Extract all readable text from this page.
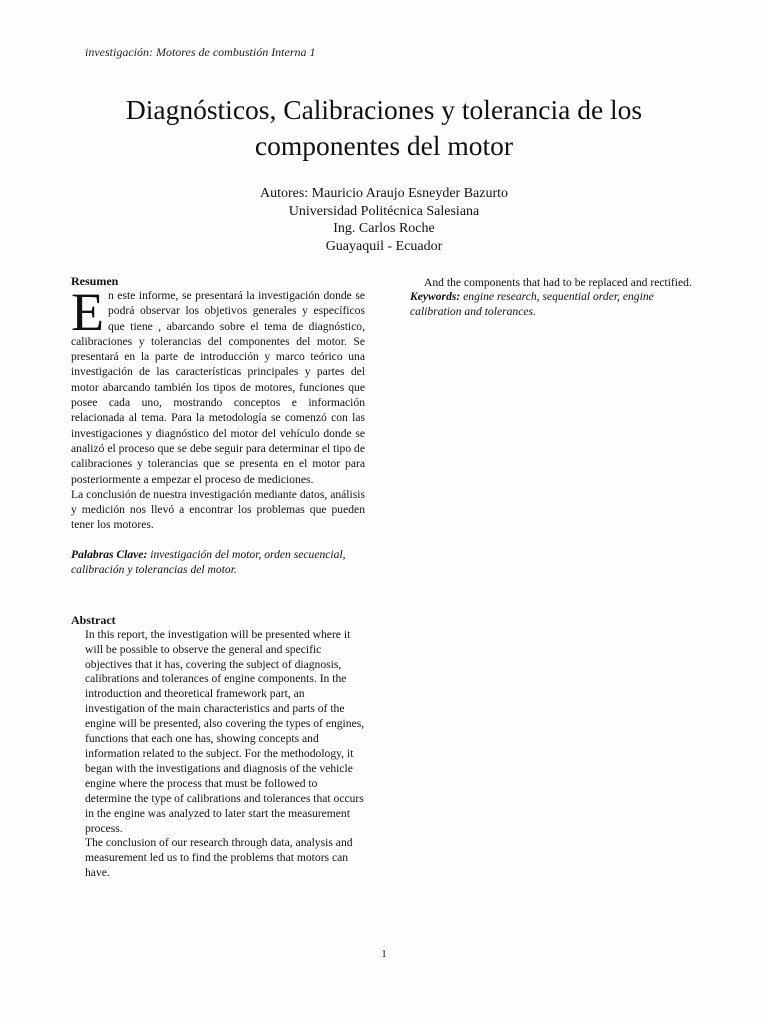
investigación: Motores de combustión Interna 1
Diagnósticos, Calibraciones y tolerancia de los
componentes del motor
Autores: Mauricio Araujo Esneyder Bazurto
Universidad Politécnica Salesiana
Ing. Carlos Roche
Guayaquil - Ecuador
Resumen

En este informe, se presentará la investigación donde se podrá observar los objetivos generales y específicos que tiene , abarcando sobre el tema de diagnóstico, calibraciones y tolerancias del componentes del motor. Se presentará en la parte de introducción y marco teórico una investigación de las características principales y partes del motor abarcando también los tipos de motores, funciones que posee cada uno, mostrando conceptos e información relacionada al tema. Para la metodología se comenzó con las investigaciones y diagnóstico del motor del vehículo donde se analizó el proceso que se debe seguir para determinar el tipo de calibraciones y tolerancias que se presenta en el motor para posteriormente a empezar el proceso de mediciones.

La conclusión de nuestra investigación mediante datos, análisis y medición nos llevó a encontrar los problemas que pueden tener los motores.

Palabras Clave: investigación del motor, orden secuencial, calibración y tolerancias del motor.
Abstract

In this report, the investigation will be presented where it will be possible to observe the general and specific objectives that it has, covering the subject of diagnosis, calibrations and tolerances of engine components. In the introduction and theoretical framework part, an investigation of the main characteristics and parts of the engine will be presented, also covering the types of engines, functions that each one has, showing concepts and information related to the subject. For the methodology, it began with the investigations and diagnosis of the vehicle engine where the process that must be followed to determine the type of calibrations and tolerances that occurs in the engine was analyzed to later start the measurement process.

The conclusion of our research through data, analysis and measurement led us to find the problems that motors can have.

And the components that had to be replaced and rectified.
Keywords: engine research, sequential order, engine calibration and tolerances.
1
